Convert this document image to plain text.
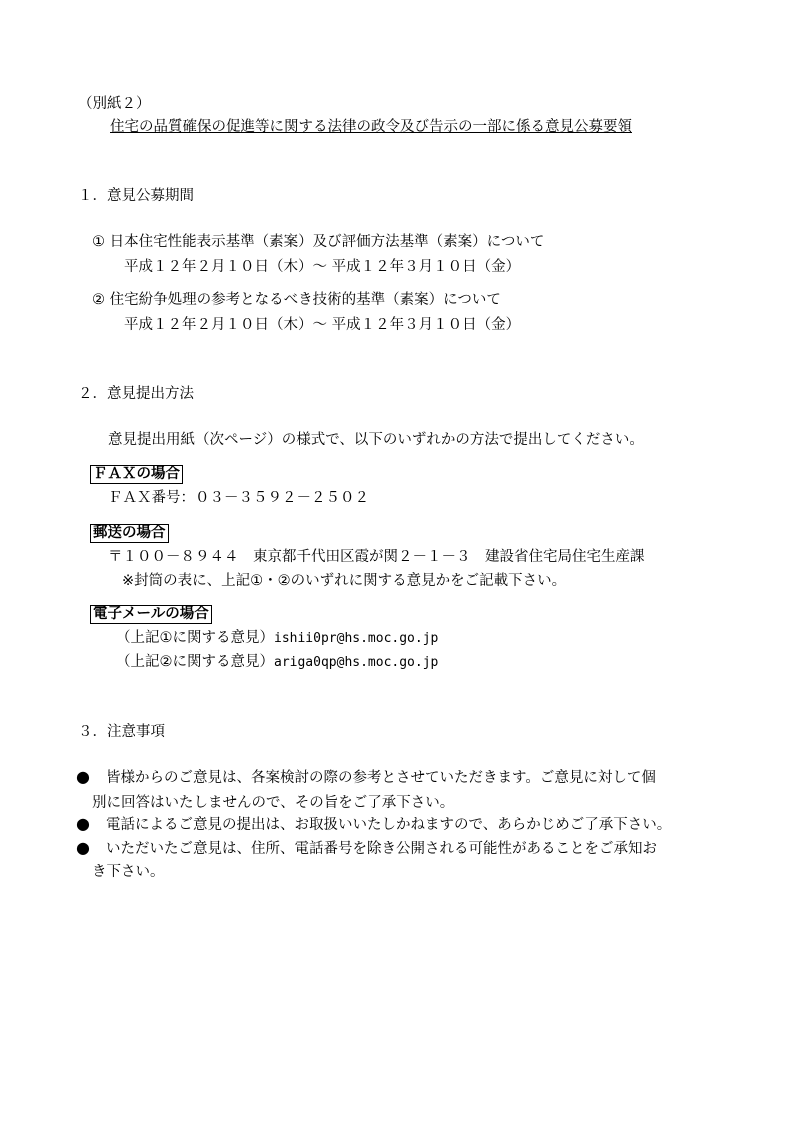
（別紙２）
住宅の品質確保の促進等に関する法律の政令及び告示の一部に係る意見公募要領
１．意見公募期間
① 日本住宅性能表示基準（素案）及び評価方法基準（素案）について
平成１２年２月１０日（木）～ 平成１２年３月１０日（金）
② 住宅紛争処理の参考となるべき技術的基準（素案）について
平成１２年２月１０日（木）～ 平成１２年３月１０日（金）
２．意見提出方法
意見提出用紙（次ページ）の様式で、以下のいずれかの方法で提出してください。
ＦＡＸの場合
ＦＡＸ番号：０３－３５９２－２５０２
郵送の場合
〒１００－８９４４　東京都千代田区霞が関２－１－３　建設省住宅局住宅生産課
※封筒の表に、上記①・②のいずれに関する意見かをご記載下さい。
電子メールの場合
（上記①に関する意見）ishii0pr@hs.moc.go.jp
（上記②に関する意見）ariga0qp@hs.moc.go.jp
３．注意事項
● 皆様からのご意見は、各案検討の際の参考とさせていただきます。ご意見に対して個
別に回答はいたしませんので、その旨をご了承下さい。
● 電話によるご意見の提出は、お取扱いいたしかねますので、あらかじめご了承下さい。
● いただいたご意見は、住所、電話番号を除き公開される可能性があることをご承知お
き下さい。
